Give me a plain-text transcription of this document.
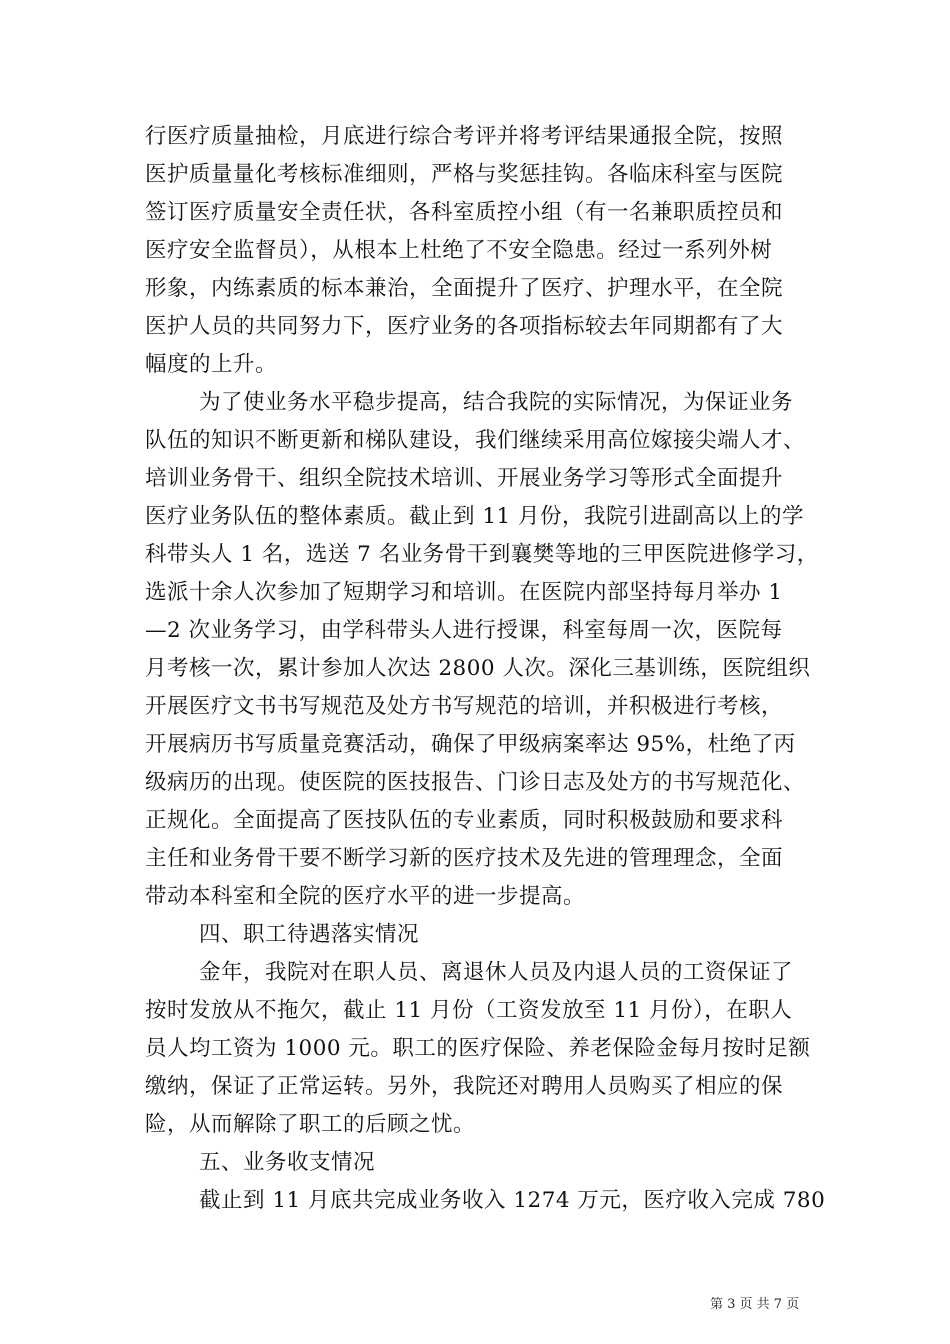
行医疗质量抽检，月底进行综合考评并将考评结果通报全院，按照
医护质量量化考核标准细则，严格与奖惩挂钩。各临床科室与医院
签订医疗质量安全责任状，各科室质控小组（有一名兼职质控员和
医疗安全监督员），从根本上杜绝了不安全隐患。经过一系列外树
形象，内练素质的标本兼治，全面提升了医疗、护理水平，在全院
医护人员的共同努力下，医疗业务的各项指标较去年同期都有了大
幅度的上升。
为了使业务水平稳步提高，结合我院的实际情况，为保证业务
队伍的知识不断更新和梯队建设，我们继续采用高位嫁接尖端人才、
培训业务骨干、组织全院技术培训、开展业务学习等形式全面提升
医疗业务队伍的整体素质。截止到 11 月份，我院引进副高以上的学
科带头人 1 名，选送 7 名业务骨干到襄樊等地的三甲医院进修学习，
选派十余人次参加了短期学习和培训。在医院内部坚持每月举办 1
—2 次业务学习，由学科带头人进行授课，科室每周一次，医院每
月考核一次，累计参加人次达 2800 人次。深化三基训练，医院组织
开展医疗文书书写规范及处方书写规范的培训，并积极进行考核，
开展病历书写质量竞赛活动，确保了甲级病案率达 95%，杜绝了丙
级病历的出现。使医院的医技报告、门诊日志及处方的书写规范化、
正规化。全面提高了医技队伍的专业素质，同时积极鼓励和要求科
主任和业务骨干要不断学习新的医疗技术及先进的管理理念，全面
带动本科室和全院的医疗水平的进一步提高。
四、职工待遇落实情况
金年，我院对在职人员、离退休人员及内退人员的工资保证了
按时发放从不拖欠，截止 11 月份（工资发放至 11 月份），在职人
员人均工资为 1000 元。职工的医疗保险、养老保险金每月按时足额
缴纳，保证了正常运转。另外，我院还对聘用人员购买了相应的保
险，从而解除了职工的后顾之忧。
五、业务收支情况
截止到 11 月底共完成业务收入 1274 万元，医疗收入完成 780
第 3 页 共 7 页
